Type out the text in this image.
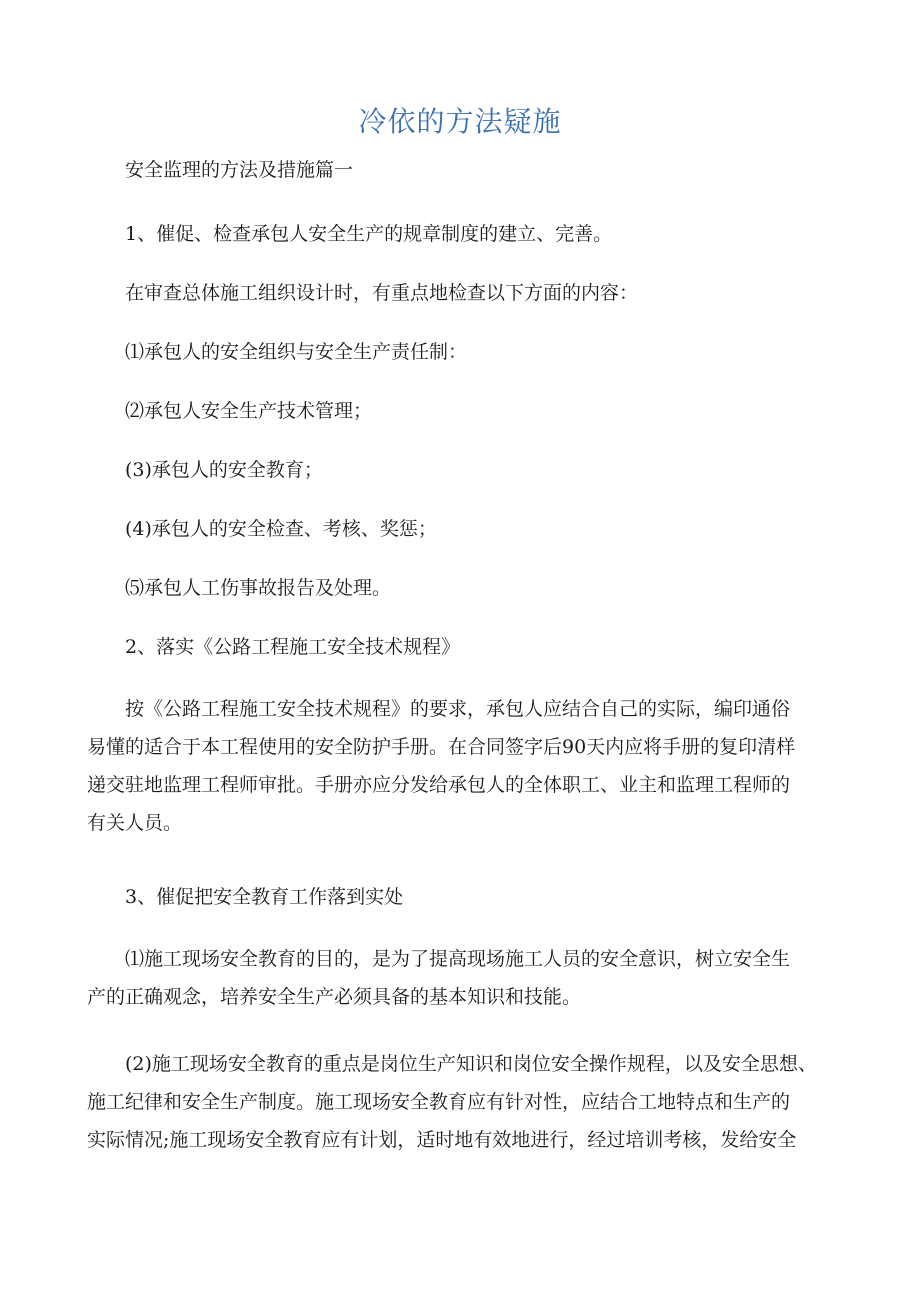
冷依的方法疑施

安全监理的方法及措施篇一

1、催促、检查承包人安全生产的规章制度的建立、完善。

在审查总体施工组织设计时，有重点地检查以下方面的内容：

⑴承包人的安全组织与安全生产责任制：

⑵承包人安全生产技术管理；

(3)承包人的安全教育；

(4)承包人的安全检查、考核、奖惩；

⑸承包人工伤事故报告及处理。

2、落实《公路工程施工安全技术规程》

按《公路工程施工安全技术规程》的要求，承包人应结合自己的实际，编印通俗
易懂的适合于本工程使用的安全防护手册。在合同签字后90天内应将手册的复印清样
递交驻地监理工程师审批。手册亦应分发给承包人的全体职工、业主和监理工程师的
有关人员。

3、催促把安全教育工作落到实处

⑴施工现场安全教育的目的，是为了提高现场施工人员的安全意识，树立安全生
产的正确观念，培养安全生产必须具备的基本知识和技能。
(2)施工现场安全教育的重点是岗位生产知识和岗位安全操作规程，以及安全思想、
施工纪律和安全生产制度。施工现场安全教育应有针对性，应结合工地特点和生产的
实际情况;施工现场安全教育应有计划，适时地有效地进行，经过培训考核，发给安全
